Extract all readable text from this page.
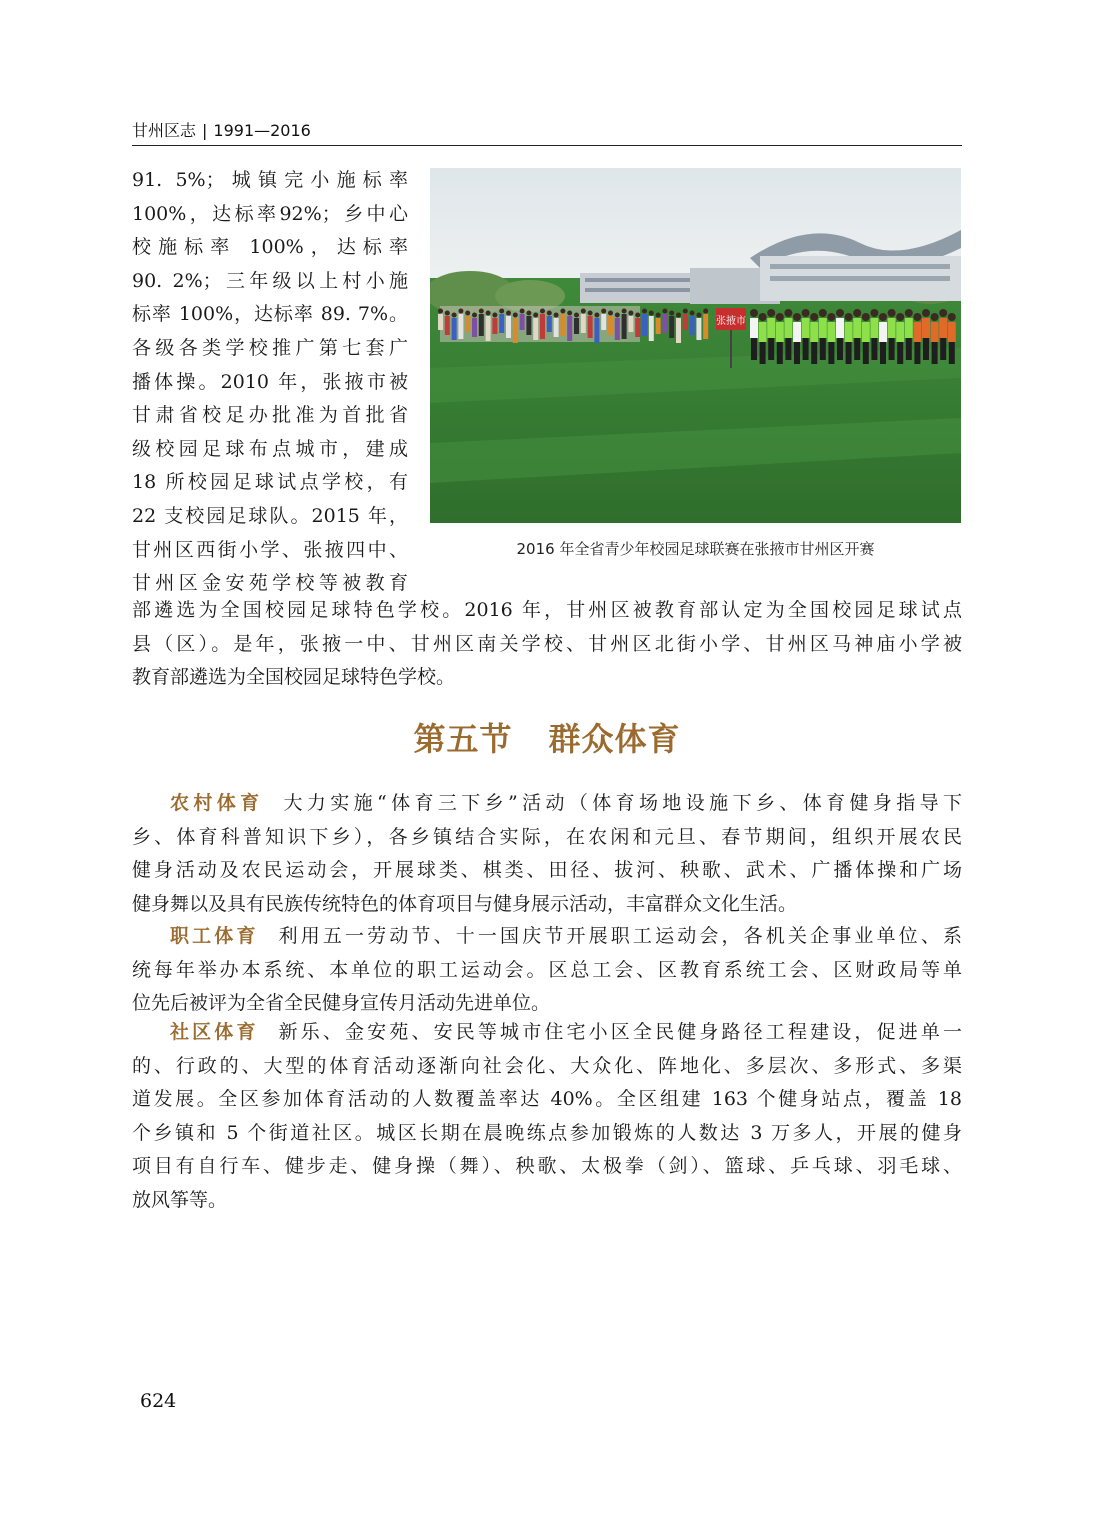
甘州区志 | 1991—2016

91. 5%；城镇完小施标率

100%，达标率92%；乡中心

校施标率 100%，达标率

90. 2%；三年级以上村小施

标率 100%，达标率 89. 7%。

各级各类学校推广第七套广

播体操。2010 年，张掖市被

甘肃省校足办批准为首批省

级校园足球布点城市，建成

18 所校园足球试点学校，有

22 支校园足球队。2015 年，

甘州区西街小学、张掖四中、

甘州区金安苑学校等被教育

张掖市
2016 年全省青少年校园足球联赛在张掖市甘州区开赛
部遴选为全国校园足球特色学校。2016 年，甘州区被教育部认定为全国校园足球试点
县（区）。是年，张掖一中、甘州区南关学校、甘州区北街小学、甘州区马神庙小学被
教育部遴选为全国校园足球特色学校。
第五节 群众体育
农村体育 大力实施“体育三下乡”活动（体育场地设施下乡、体育健身指导下
乡、体育科普知识下乡），各乡镇结合实际，在农闲和元旦、春节期间，组织开展农民
健身活动及农民运动会，开展球类、棋类、田径、拔河、秧歌、武术、广播体操和广场
健身舞以及具有民族传统特色的体育项目与健身展示活动，丰富群众文化生活。
职工体育 利用五一劳动节、十一国庆节开展职工运动会，各机关企事业单位、系
统每年举办本系统、本单位的职工运动会。区总工会、区教育系统工会、区财政局等单
位先后被评为全省全民健身宣传月活动先进单位。
社区体育 新乐、金安苑、安民等城市住宅小区全民健身路径工程建设，促进单一
的、行政的、大型的体育活动逐渐向社会化、大众化、阵地化、多层次、多形式、多渠
道发展。全区参加体育活动的人数覆盖率达 40%。全区组建 163 个健身站点，覆盖 18
个乡镇和 5 个街道社区。城区长期在晨晚练点参加锻炼的人数达 3 万多人，开展的健身
项目有自行车、健步走、健身操（舞）、秧歌、太极拳（剑）、篮球、乒乓球、羽毛球、
放风筝等。
624
